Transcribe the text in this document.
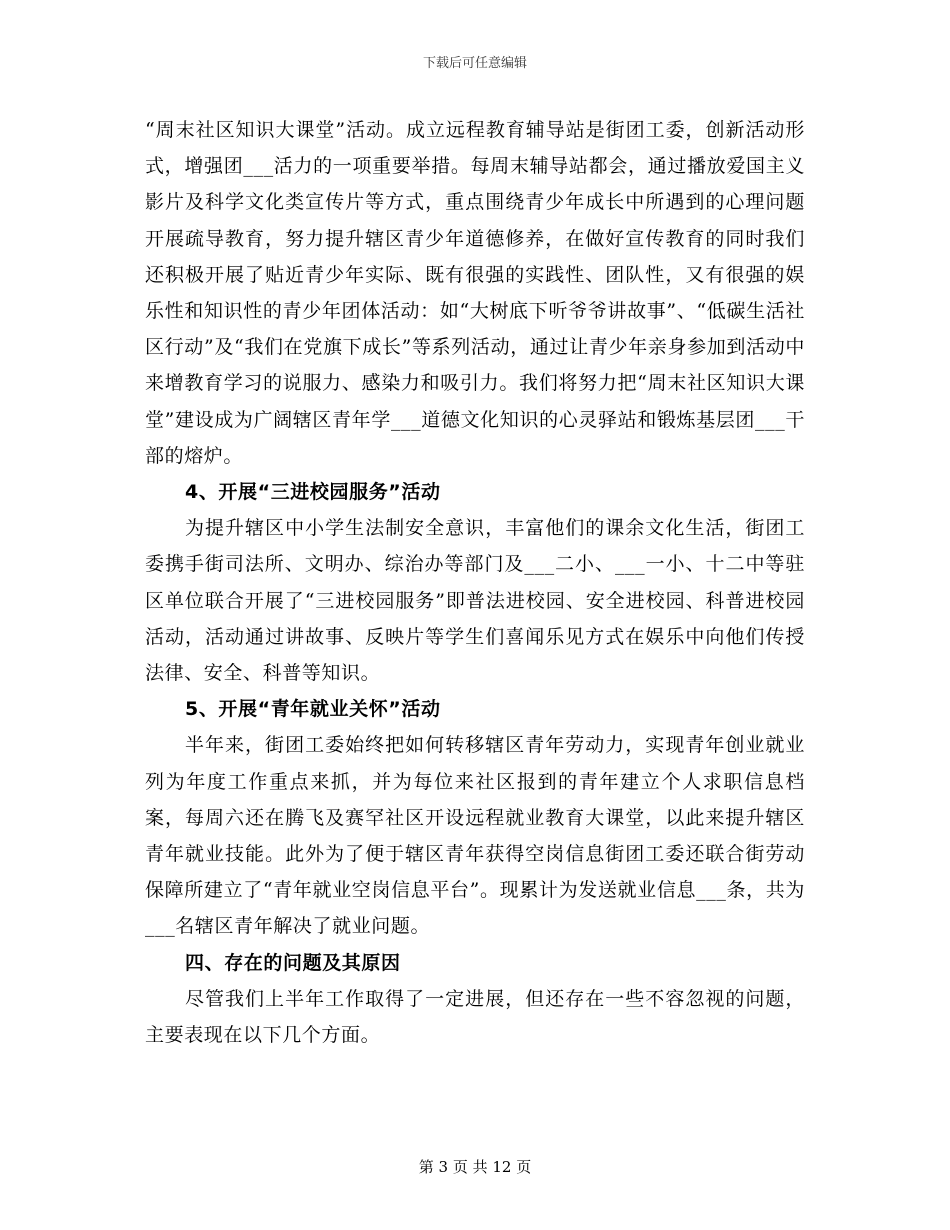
下载后可任意编辑

“周末社区知识大课堂”活动。成立远程教育辅导站是街团工委，创新活动形式，增强团___活力的一项重要举措。每周末辅导站都会，通过播放爱国主义影片及科学文化类宣传片等方式，重点围绕青少年成长中所遇到的心理问题开展疏导教育，努力提升辖区青少年道德修养，在做好宣传教育的同时我们还积极开展了贴近青少年实际、既有很强的实践性、团队性，又有很强的娱乐性和知识性的青少年团体活动：如“大树底下听爷爷讲故事”、“低碳生活社区行动”及“我们在党旗下成长”等系列活动，通过让青少年亲身参加到活动中来增教育学习的说服力、感染力和吸引力。我们将努力把“周末社区知识大课堂”建设成为广阔辖区青年学___道德文化知识的心灵驿站和锻炼基层团___干部的熔炉。

4、开展“三进校园服务”活动

为提升辖区中小学生法制安全意识，丰富他们的课余文化生活，街团工委携手街司法所、文明办、综治办等部门及___二小、___一小、十二中等驻区单位联合开展了“三进校园服务”即普法进校园、安全进校园、科普进校园活动，活动通过讲故事、反映片等学生们喜闻乐见方式在娱乐中向他们传授法律、安全、科普等知识。

5、开展“青年就业关怀”活动

半年来，街团工委始终把如何转移辖区青年劳动力，实现青年创业就业列为年度工作重点来抓，并为每位来社区报到的青年建立个人求职信息档案，每周六还在腾飞及赛罕社区开设远程就业教育大课堂，以此来提升辖区青年就业技能。此外为了便于辖区青年获得空岗信息街团工委还联合街劳动保障所建立了“青年就业空岗信息平台”。现累计为发送就业信息___条，共为___名辖区青年解决了就业问题。

四、存在的问题及其原因

尽管我们上半年工作取得了一定进展，但还存在一些不容忽视的问题，主要表现在以下几个方面。

第 3 页 共 12 页
